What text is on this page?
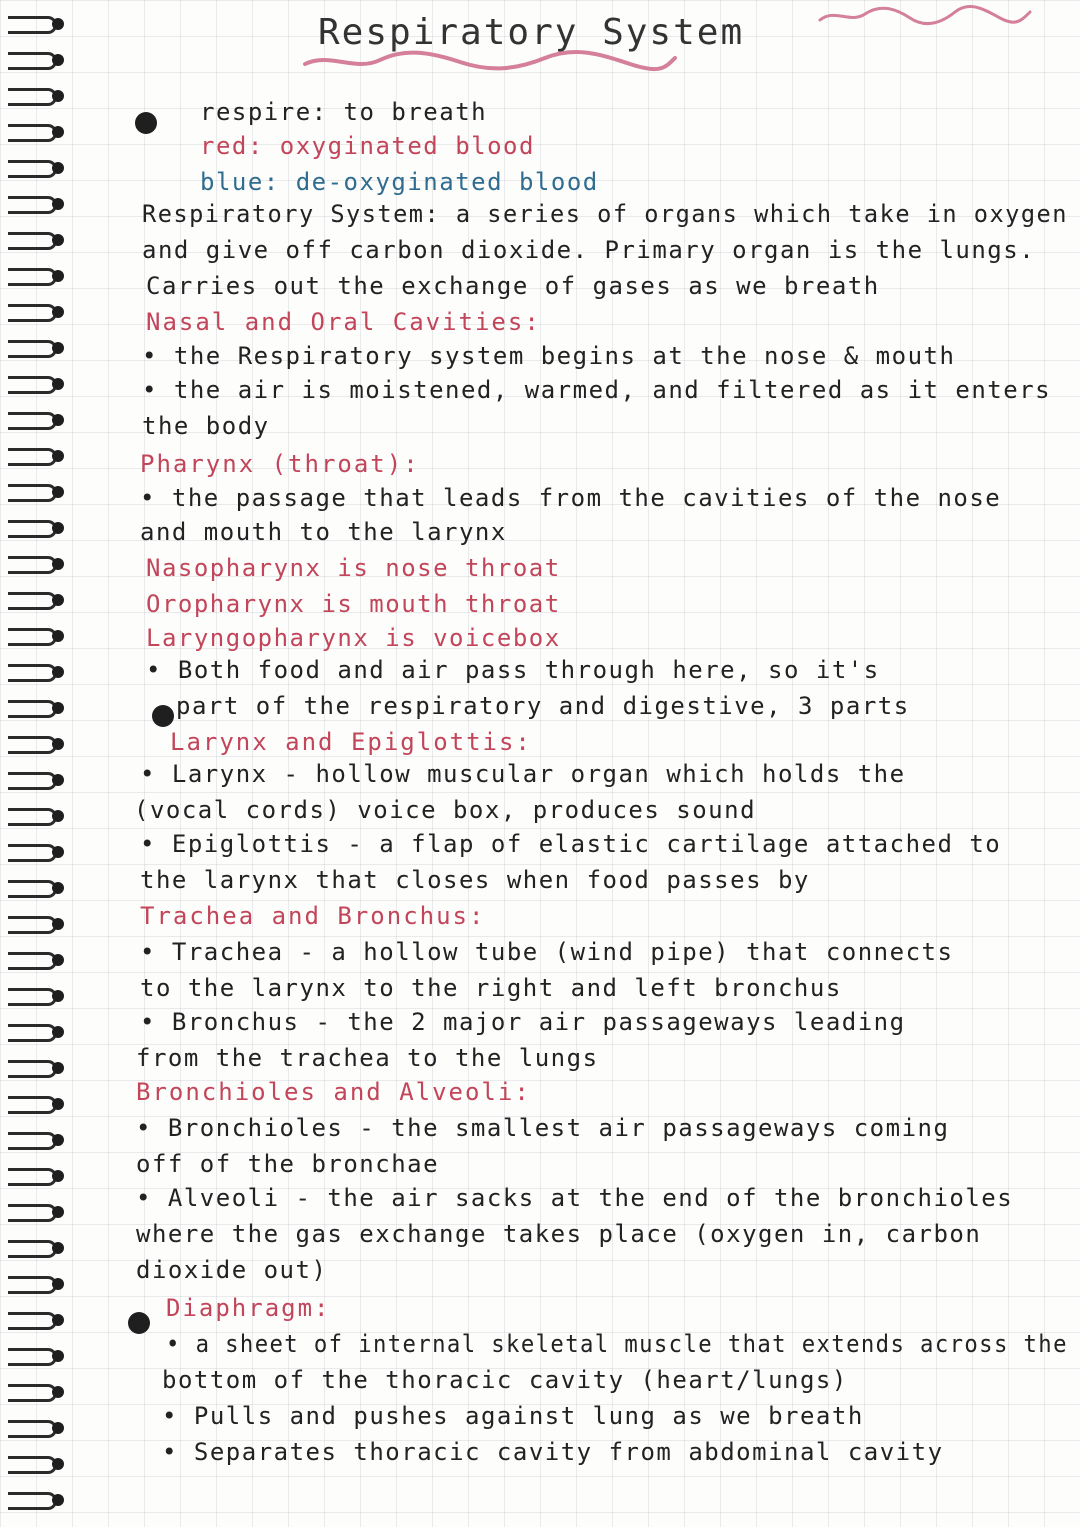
Respiratory System
respire: to breath
red: oxyginated blood
blue: de-oxyginated blood
Respiratory System: a series of organs which take in oxygen
and give off carbon dioxide. Primary organ is the lungs.
Carries out the exchange of gases as we breath
Nasal and Oral Cavities:
• the Respiratory system begins at the nose & mouth
• the air is moistened, warmed, and filtered as it enters
the body
Pharynx (throat):
• the passage that leads from the cavities of the nose
and mouth to the larynx
Nasopharynx is nose throat
Oropharynx is mouth throat
Laryngopharynx is voicebox
• Both food and air pass through here, so it's
part of the respiratory and digestive, 3 parts
Larynx and Epiglottis:
• Larynx - hollow muscular organ which holds the
(vocal cords) voice box, produces sound
• Epiglottis - a flap of elastic cartilage attached to
the larynx that closes when food passes by
Trachea and Bronchus:
• Trachea - a hollow tube (wind pipe) that connects
to the larynx to the right and left bronchus
• Bronchus - the 2 major air passageways leading
from the trachea to the lungs
Bronchioles and Alveoli:
• Bronchioles - the smallest air passageways coming
off of the bronchae
• Alveoli - the air sacks at the end of the bronchioles
where the gas exchange takes place (oxygen in, carbon
dioxide out)
Diaphragm:
• a sheet of internal skeletal muscle that extends across the
bottom of the thoracic cavity (heart/lungs)
• Pulls and pushes against lung as we breath
• Separates thoracic cavity from abdominal cavity
